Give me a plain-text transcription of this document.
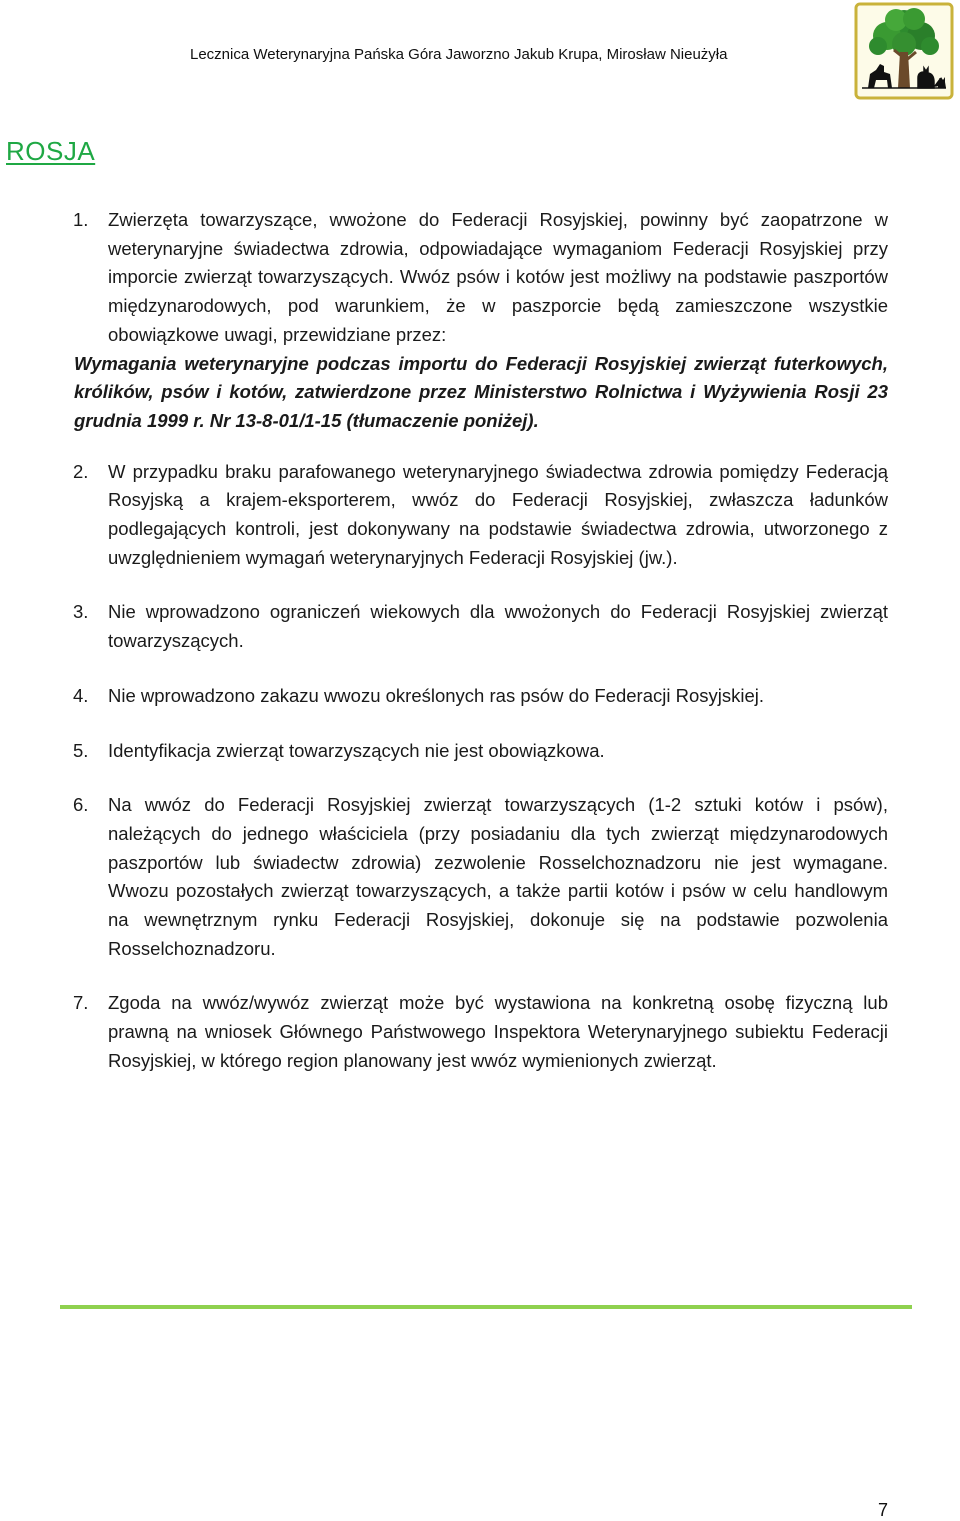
Lecznica Weterynaryjna Pańska Góra Jaworzno Jakub Krupa, Mirosław Nieużyła
ROSJA
1. Zwierzęta towarzyszące, wwożone do Federacji Rosyjskiej, powinny być zaopatrzone w weterynaryjne świadectwa zdrowia, odpowiadające wymaganiom Federacji Rosyjskiej przy imporcie zwierząt towarzyszących. Wwóz psów i kotów jest możliwy na podstawie paszportów międzynarodowych, pod warunkiem, że w paszporcie będą zamieszczone wszystkie obowiązkowe uwagi, przewidziane przez:
Wymagania weterynaryjne podczas importu do Federacji Rosyjskiej zwierząt futerkowych, królików, psów i kotów, zatwierdzone przez Ministerstwo Rolnictwa i Wyżywienia Rosji 23 grudnia 1999 r. Nr 13-8-01/1-15 (tłumaczenie poniżej).
2. W przypadku braku parafowanego weterynaryjnego świadectwa zdrowia pomiędzy Federacją Rosyjską a krajem-eksporterem, wwóz do Federacji Rosyjskiej, zwłaszcza ładunków podlegających kontroli, jest dokonywany na podstawie świadectwa zdrowia, utworzonego z uwzględnieniem wymagań weterynaryjnych Federacji Rosyjskiej (jw.).
3. Nie wprowadzono ograniczeń wiekowych dla wwożonych do Federacji Rosyjskiej zwierząt towarzyszących.
4. Nie wprowadzono zakazu wwozu określonych ras psów do Federacji Rosyjskiej.
5. Identyfikacja zwierząt towarzyszących nie jest obowiązkowa.
6. Na wwóz do Federacji Rosyjskiej zwierząt towarzyszących (1-2 sztuki kotów i psów), należących do jednego właściciela (przy posiadaniu dla tych zwierząt międzynarodowych paszportów lub świadectw zdrowia) zezwolenie Rosselchoznadzoru nie jest wymagane. Wwozu pozostałych zwierząt towarzyszących, a także partii kotów i psów w celu handlowym na wewnętrznym rynku Federacji Rosyjskiej, dokonuje się na podstawie pozwolenia Rosselchoznadzoru.
7. Zgoda na wwóz/wywóz zwierząt może być wystawiona na konkretną osobę fizyczną lub prawną na wniosek Głównego Państwowego Inspektora Weterynaryjnego subiektu Federacji Rosyjskiej, w którego region planowany jest wwóz wymienionych zwierząt.
7
